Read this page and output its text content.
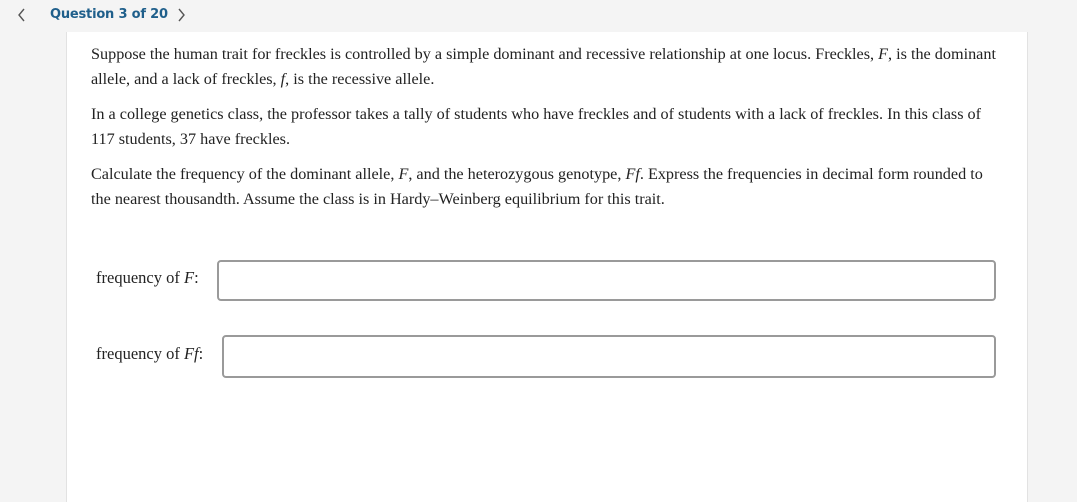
Question 3 of 20

Suppose the human trait for freckles is controlled by a simple dominant and recessive relationship at one locus. Freckles, F, is the dominant allele, and a lack of freckles, f, is the recessive allele.

In a college genetics class, the professor takes a tally of students who have freckles and of students with a lack of freckles. In this class of 117 students, 37 have freckles.

Calculate the frequency of the dominant allele, F, and the heterozygous genotype, Ff. Express the frequencies in decimal form rounded to the nearest thousandth. Assume the class is in Hardy–Weinberg equilibrium for this trait.

frequency of F:
frequency of Ff:
